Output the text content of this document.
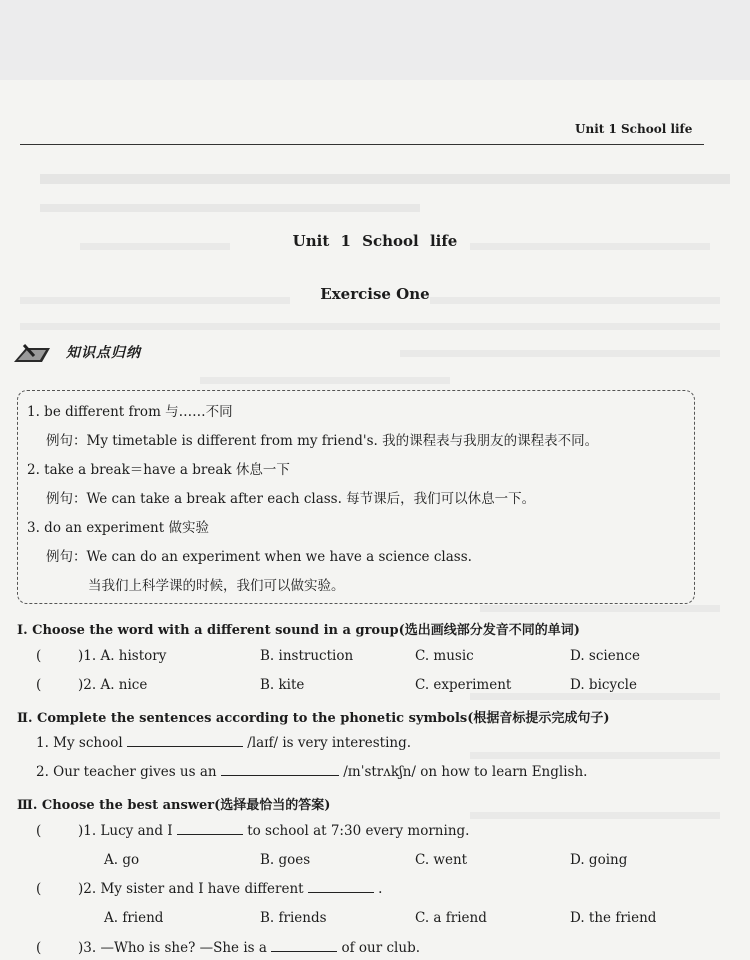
Unit 1 School life
Unit 1 School life
Exercise One
知识点归纳
1. be different from 与……不同
例句：My timetable is different from my friend's. 我的课程表与我朋友的课程表不同。
2. take a break＝have a break 休息一下
例句：We can take a break after each class. 每节课后，我们可以休息一下。
3. do an experiment 做实验
例句：We can do an experiment when we have a science class.
当我们上科学课的时候，我们可以做实验。
Ⅰ. Choose the word with a different sound in a group(选出画线部分发音不同的单词)
(	)1. A. history	B. instruction	C. music	D. science
(	)2. A. nice	B. kite	C. experiment	D. bicycle
Ⅱ. Complete the sentences according to the phonetic symbols(根据音标提示完成句子)
1. My school	/laɪf/ is very interesting.
2. Our teacher gives us an	/ɪnˈstrʌkʃn/ on how to learn English.
Ⅲ. Choose the best answer(选择最恰当的答案)
(	)1. Lucy and I	to school at 7:30 every morning.
A. go	B. goes	C. went	D. going
(	)2. My sister and I have different	.
A. friend	B. friends	C. a friend	D. the friend
(	)3. —Who is she? —She is a	of our club.
